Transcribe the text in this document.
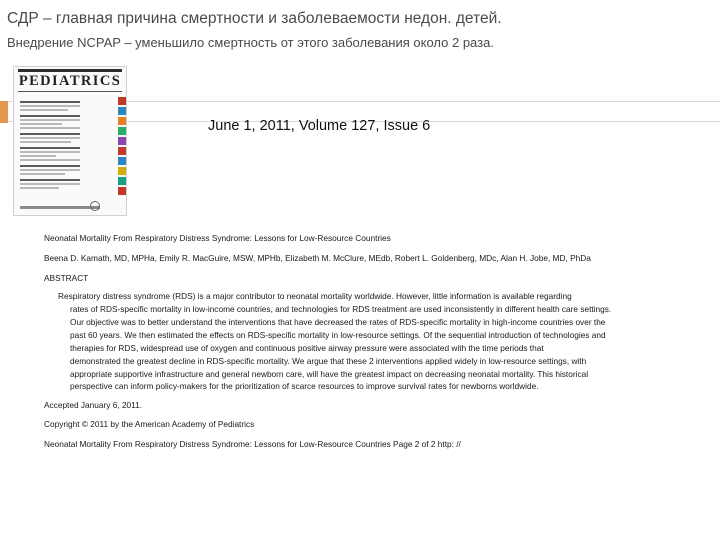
СДР – главная причина смертности и заболеваемости недон. детей.
Внедрение NCPAP – уменьшило смертность от этого заболевания около 2 раза.
PEDIATRICS
June 1, 2011, Volume 127, Issue 6
Neonatal Mortality From Respiratory Distress Syndrome: Lessons for Low-Resource Countries
Beena D. Kamath, MD, MPHa, Emily R. MacGuire, MSW, MPHb, Elizabeth M. McClure, MEdb, Robert L. Goldenberg, MDc, Alan H. Jobe, MD, PhDa
ABSTRACT
Respiratory distress syndrome (RDS) is a major contributor to neonatal mortality worldwide. However, little information is available regarding
rates of RDS-specific mortality in low-income countries, and technologies for RDS treatment are used inconsistently in different health care settings.
Our objective was to better understand the interventions that have decreased the rates of RDS-specific mortality in high-income countries over the
past 60 years. We then estimated the effects on RDS-specific mortality in low-resource settings. Of the sequential introduction of technologies and
therapies for RDS, widespread use of oxygen and continuous positive airway pressure were associated with the time periods that
demonstrated the greatest decline in RDS-specific mortality. We argue that these 2 interventions applied widely in low-resource settings, with
appropriate supportive infrastructure and general newborn care, will have the greatest impact on decreasing neonatal mortality. This historical
perspective can inform policy-makers for the prioritization of scarce resources to improve survival rates for newborns worldwide.
Accepted January 6, 2011.
Copyright © 2011 by the American Academy of Pediatrics
Neonatal Mortality From Respiratory Distress Syndrome: Lessons for Low-Resource Countries Page 2 of 2 http: //
